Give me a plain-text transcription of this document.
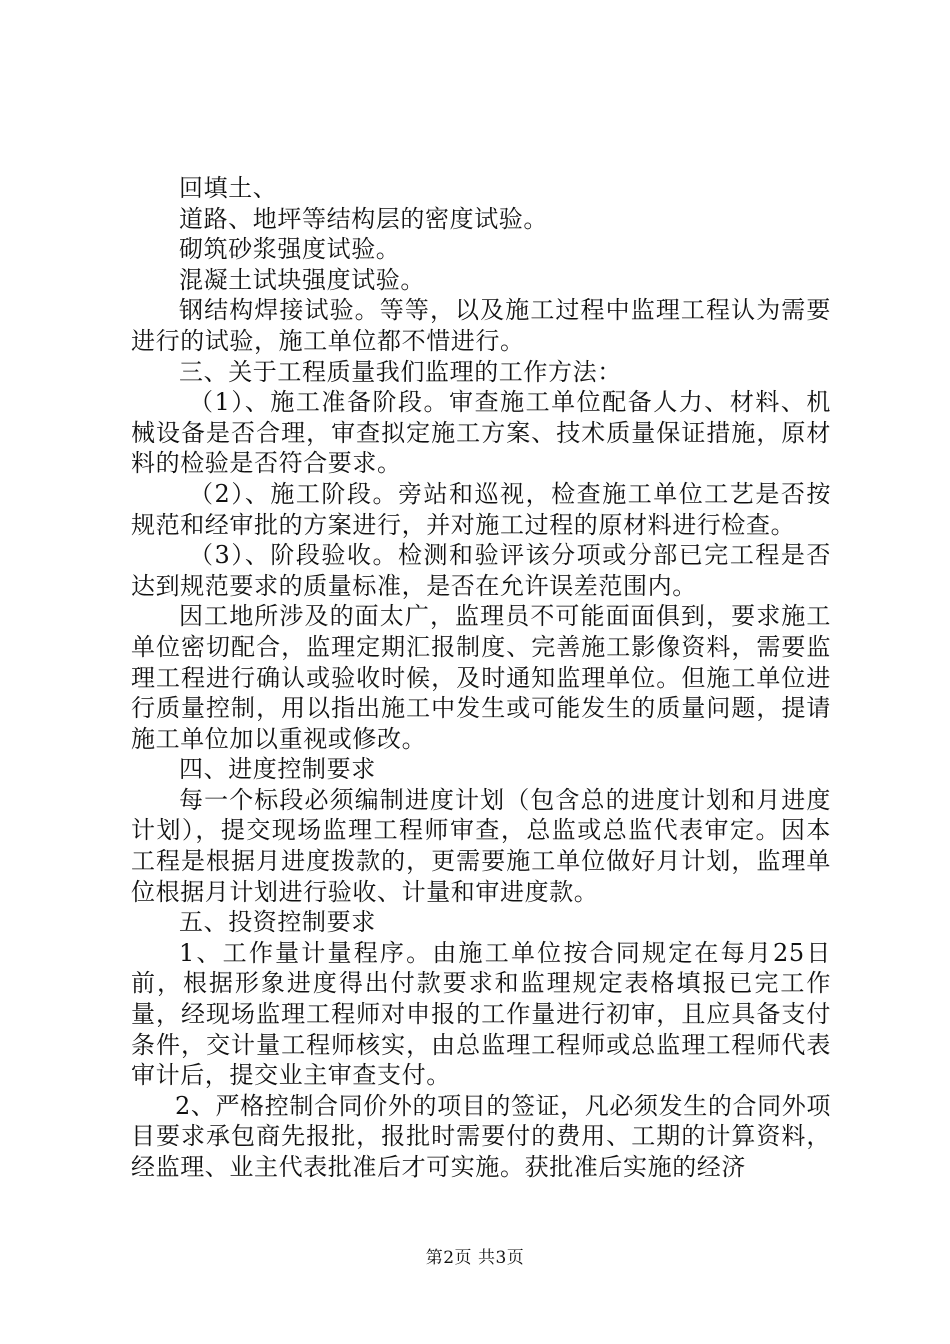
回填土、

道路、地坪等结构层的密度试验。

砌筑砂浆强度试验。

混凝土试块强度试验。

钢结构焊接试验。等等，以及施工过程中监理工程认为需要进行的试验，施工单位都不惜进行。

三、关于工程质量我们监理的工作方法：

（1）、施工准备阶段。审查施工单位配备人力、材料、机械设备是否合理，审查拟定施工方案、技术质量保证措施，原材料的检验是否符合要求。

（2）、施工阶段。旁站和巡视，检查施工单位工艺是否按规范和经审批的方案进行，并对施工过程的原材料进行检查。

（3）、阶段验收。检测和验评该分项或分部已完工程是否达到规范要求的质量标准，是否在允许误差范围内。

因工地所涉及的面太广，监理员不可能面面俱到，要求施工单位密切配合，监理定期汇报制度、完善施工影像资料，需要监理工程进行确认或验收时候，及时通知监理单位。但施工单位进行质量控制，用以指出施工中发生或可能发生的质量问题，提请施工单位加以重视或修改。

四、进度控制要求

每一个标段必须编制进度计划（包含总的进度计划和月进度计划），提交现场监理工程师审查，总监或总监代表审定。因本工程是根据月进度拨款的，更需要施工单位做好月计划，监理单位根据月计划进行验收、计量和审进度款。

五、投资控制要求

1、工作量计量程序。由施工单位按合同规定在每月25日前，根据形象进度得出付款要求和监理规定表格填报已完工作量，经现场监理工程师对申报的工作量进行初审，且应具备支付条件，交计量工程师核实，由总监理工程师或总监理工程师代表审计后，提交业主审查支付。

2、严格控制合同价外的项目的签证，凡必须发生的合同外项目要求承包商先报批，报批时需要付的费用、工期的计算资料，经监理、业主代表批准后才可实施。获批准后实施的经济

第2页 共3页
